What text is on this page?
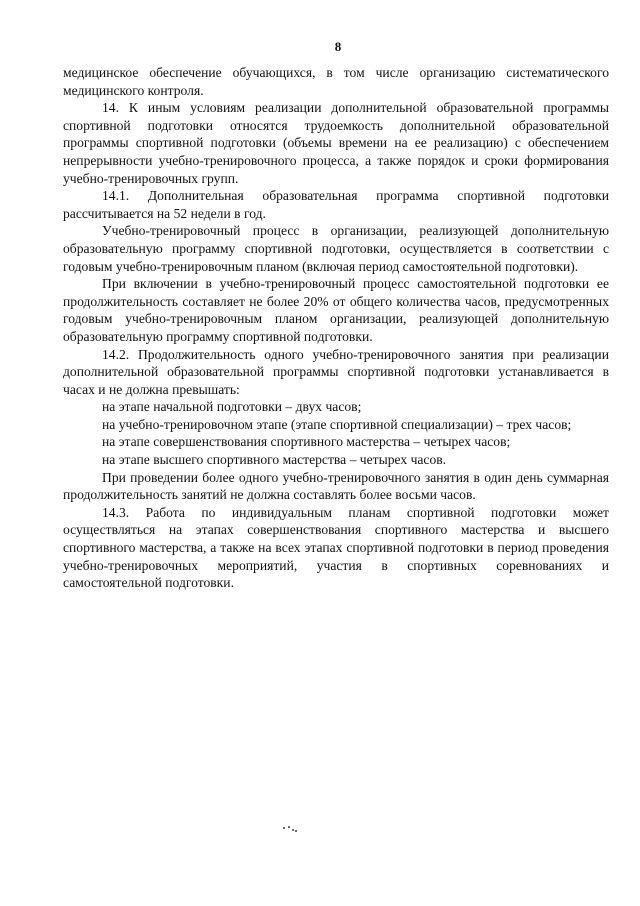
8

медицинское обеспечение обучающихся, в том числе организацию систематического медицинского контроля.

14. К иным условиям реализации дополнительной образовательной программы спортивной подготовки относятся трудоемкость дополнительной образовательной программы спортивной подготовки (объемы времени на ее реализацию) с обеспечением непрерывности учебно-тренировочного процесса, а также порядок и сроки формирования учебно-тренировочных групп.

14.1. Дополнительная образовательная программа спортивной подготовки рассчитывается на 52 недели в год.

Учебно-тренировочный процесс в организации, реализующей дополнительную образовательную программу спортивной подготовки, осуществляется в соответствии с годовым учебно-тренировочным планом (включая период самостоятельной подготовки).

При включении в учебно-тренировочный процесс самостоятельной подготовки ее продолжительность составляет не более 20% от общего количества часов, предусмотренных годовым учебно-тренировочным планом организации, реализующей дополнительную образовательную программу спортивной подготовки.

14.2. Продолжительность одного учебно-тренировочного занятия при реализации дополнительной образовательной программы спортивной подготовки устанавливается в часах и не должна превышать:

на этапе начальной подготовки – двух часов;

на учебно-тренировочном этапе (этапе спортивной специализации) – трех часов;

на этапе совершенствования спортивного мастерства – четырех часов;

на этапе высшего спортивного мастерства – четырех часов.

При проведении более одного учебно-тренировочного занятия в один день суммарная продолжительность занятий не должна составлять более восьми часов.

14.3. Работа по индивидуальным планам спортивной подготовки может осуществляться на этапах совершенствования спортивного мастерства и высшего спортивного мастерства, а также на всех этапах спортивной подготовки в период проведения учебно-тренировочных мероприятий, участия в спортивных соревнованиях и самостоятельной подготовки.
